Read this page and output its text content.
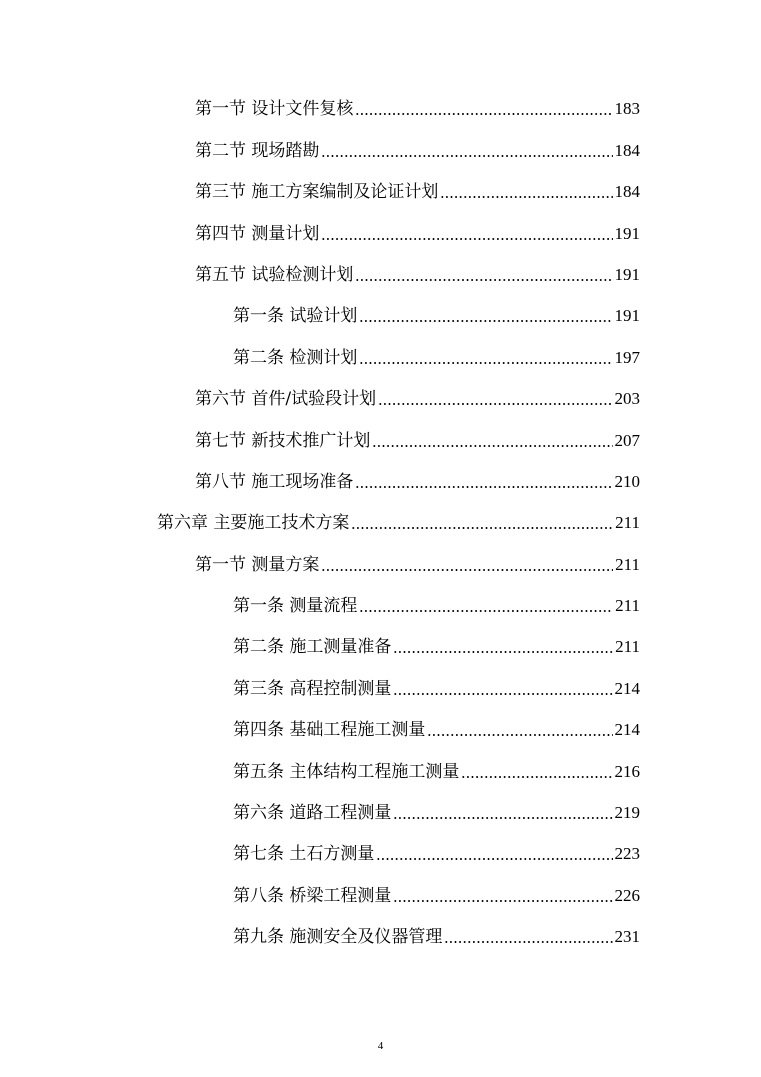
第一节 设计文件复核	183
第二节 现场踏勘	184
第三节 施工方案编制及论证计划	184
第四节 测量计划	191
第五节 试验检测计划	191
第一条 试验计划	191
第二条 检测计划	197
第六节 首件/试验段计划	203
第七节 新技术推广计划	207
第八节 施工现场准备	210
第六章 主要施工技术方案	211
第一节 测量方案	211
第一条 测量流程	211
第二条 施工测量准备	211
第三条 高程控制测量	214
第四条 基础工程施工测量	214
第五条 主体结构工程施工测量	216
第六条 道路工程测量	219
第七条 土石方测量	223
第八条 桥梁工程测量	226
第九条 施测安全及仪器管理	231
4
